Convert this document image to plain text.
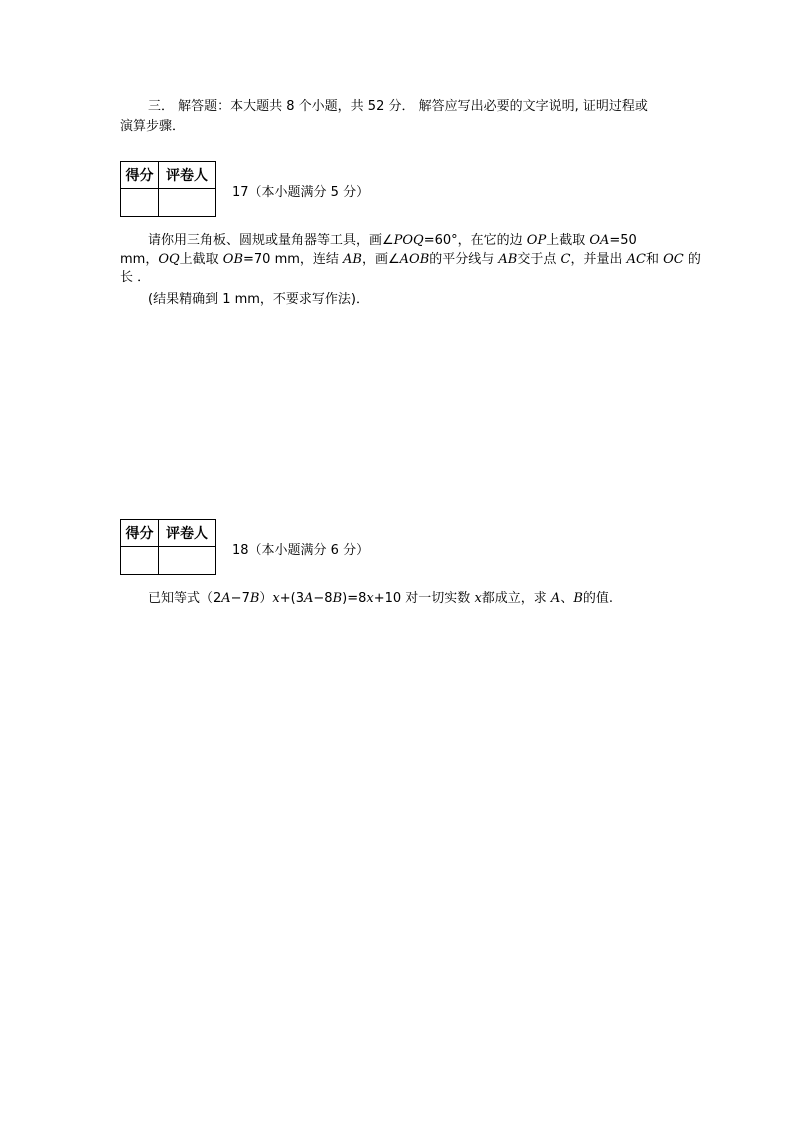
三． 解答题：本大题共 8 个小题，共 52 分． 解答应写出必要的文字说明, 证明过程或
演算步骤．
得分	评卷人

17（本小题满分 5 分）
请你用三角板、圆规或量角器等工具，画∠POQ=60°，在它的边 OP上截取 OA=50
mm，OQ上截取 OB=70 mm，连结 AB，画∠AOB的平分线与 AB交于点 C，并量出 AC和 OC 的
长 ．
(结果精确到 1 mm，不要求写作法)．
得分	评卷人

18（本小题满分 6 分）
已知等式（2A−7B）x+(3A−8B)=8x+10 对一切实数 x都成立，求 A、B的值.
